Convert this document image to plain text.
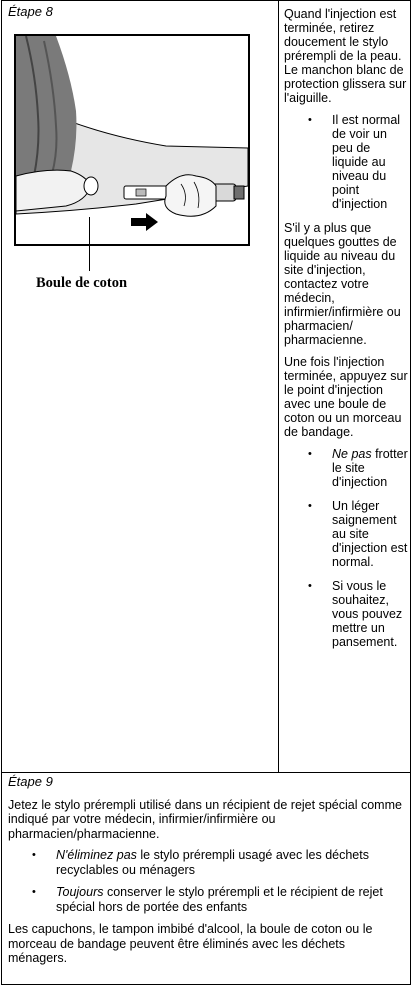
Étape 8
Boule de coton

Quand l'injection est terminée, retirez doucement le stylo prérempli de la peau. Le manchon blanc de protection glissera sur l'aiguille.

• Il est normal de voir un peu de liquide au niveau du point d'injection

S'il y a plus que quelques gouttes de liquide au niveau du site d'injection, contactez votre médecin, infirmier/infirmière ou pharmacien/ pharmacienne.

Une fois l'injection terminée, appuyez sur le point d'injection avec une boule de coton ou un morceau de bandage.

• Ne pas frotter le site d'injection
• Un léger saignement au site d'injection est normal.
• Si vous le souhaitez, vous pouvez mettre un pansement.
Étape 9

Jetez le stylo prérempli utilisé dans un récipient de rejet spécial comme indiqué par votre médecin, infirmier/infirmière ou pharmacien/pharmacienne.

• N'éliminez pas le stylo prérempli usagé avec les déchets recyclables ou ménagers
• Toujours conserver le stylo prérempli et le récipient de rejet spécial hors de portée des enfants

Les capuchons, le tampon imbibé d'alcool, la boule de coton ou le morceau de bandage peuvent être éliminés avec les déchets ménagers.
